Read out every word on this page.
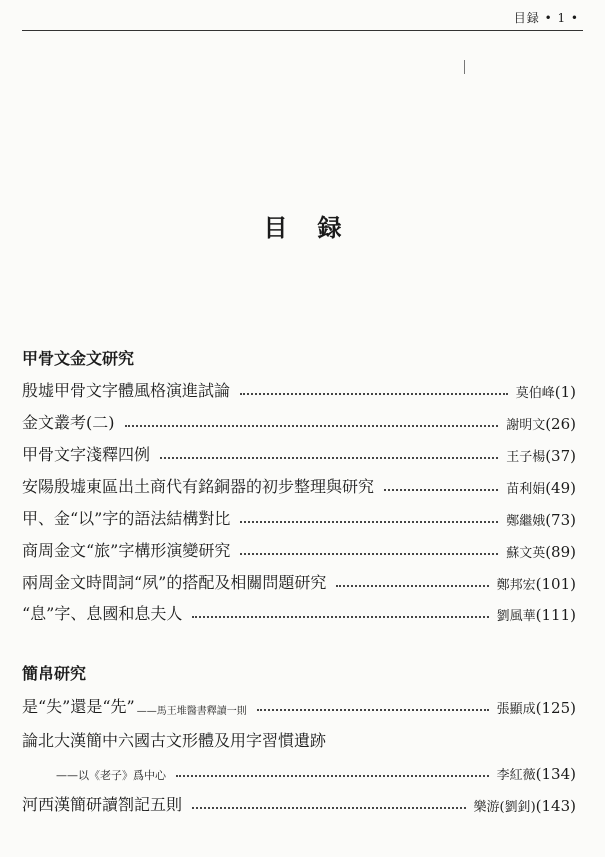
目録 • 1 •
目録
甲骨文金文研究
殷墟甲骨文字體風格演進試論	莫伯峰 (1)
金文叢考(二)	謝明文 (26)
甲骨文字淺釋四例	王子楊 (37)
安陽殷墟東區出土商代有銘銅器的初步整理與研究	苗利娟 (49)
甲、金“以”字的語法結構對比	鄭繼娥 (73)
商周金文“旅”字構形演變研究	蘇文英 (89)
兩周金文時間詞“夙”的搭配及相關問題研究	鄭邦宏 (101)
“息”字、息國和息夫人	劉風華 (111)
簡帛研究
是“失”還是“先” ——馬王堆醫書釋讀一則	張顯成 (125)
論北大漢簡中六國古文形體及用字習慣遺跡
——以《老子》爲中心	李紅薇 (134)
河西漢簡研讀劄記五則	樂游(劉釗) (143)
